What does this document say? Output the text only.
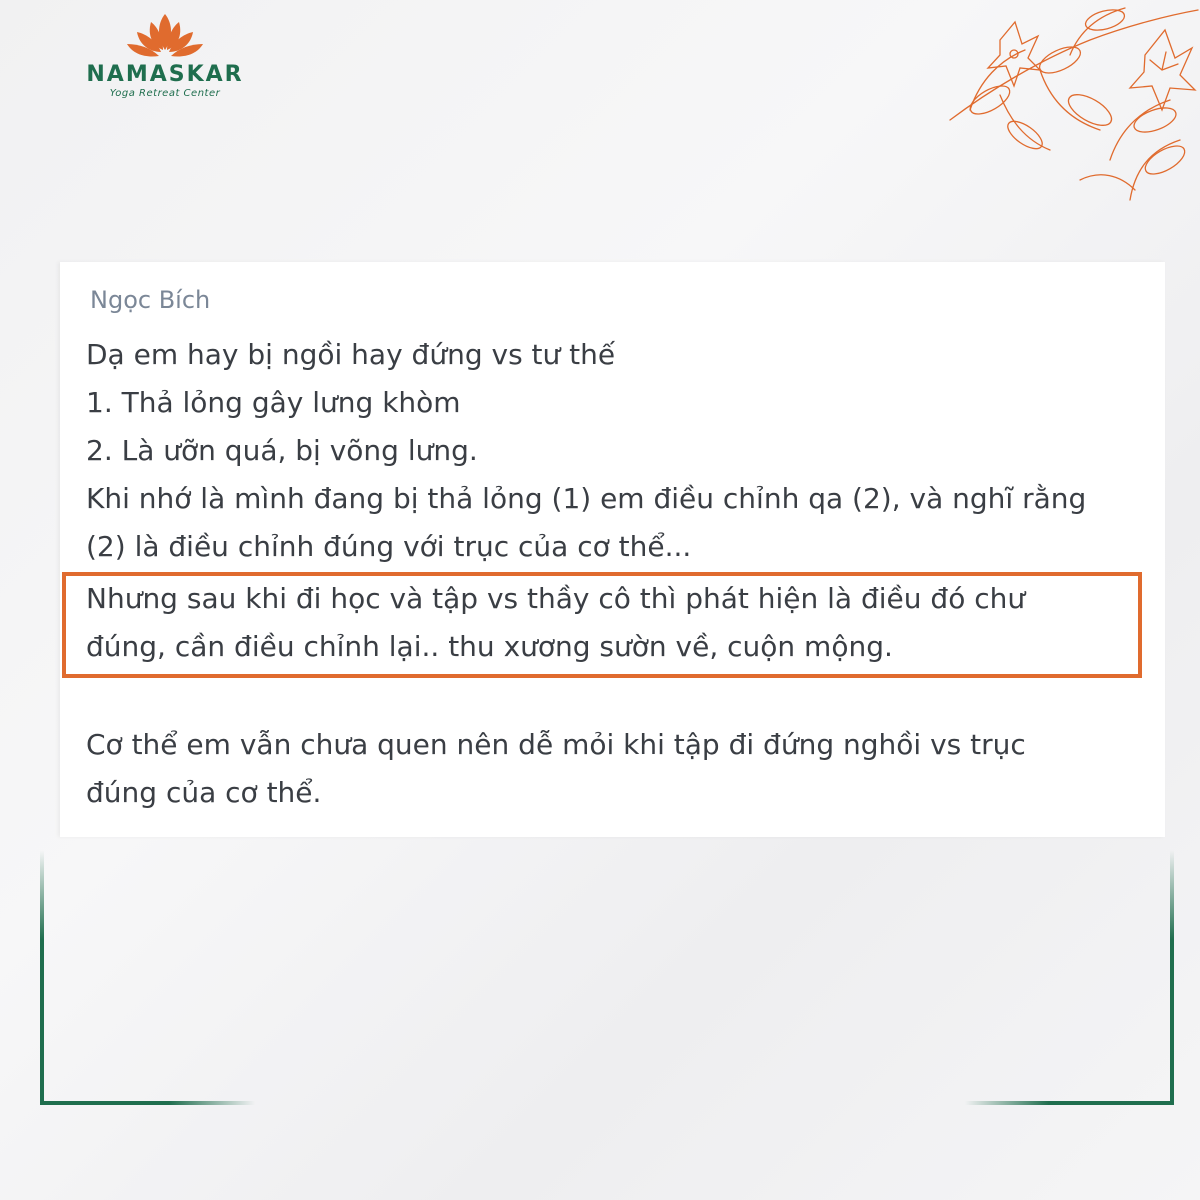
NAMASKAR
Yoga Retreat Center
Ngọc Bích
Dạ em hay bị ngồi hay đứng vs tư thế
1. Thả lỏng gây lưng khòm
2. Là ưỡn quá, bị võng lưng.
Khi nhớ là mình đang bị thả lỏng (1) em điều chỉnh qa (2), và nghĩ rằng
(2) là điều chỉnh đúng với trục của cơ thể...
Nhưng sau khi đi học và tập vs thầy cô thì phát hiện là điều đó chư
đúng, cần điều chỉnh lại.. thu xương sườn về, cuộn mộng.
Cơ thể em vẫn chưa quen nên dễ mỏi khi tập đi đứng nghồi vs trục
đúng của cơ thể.
